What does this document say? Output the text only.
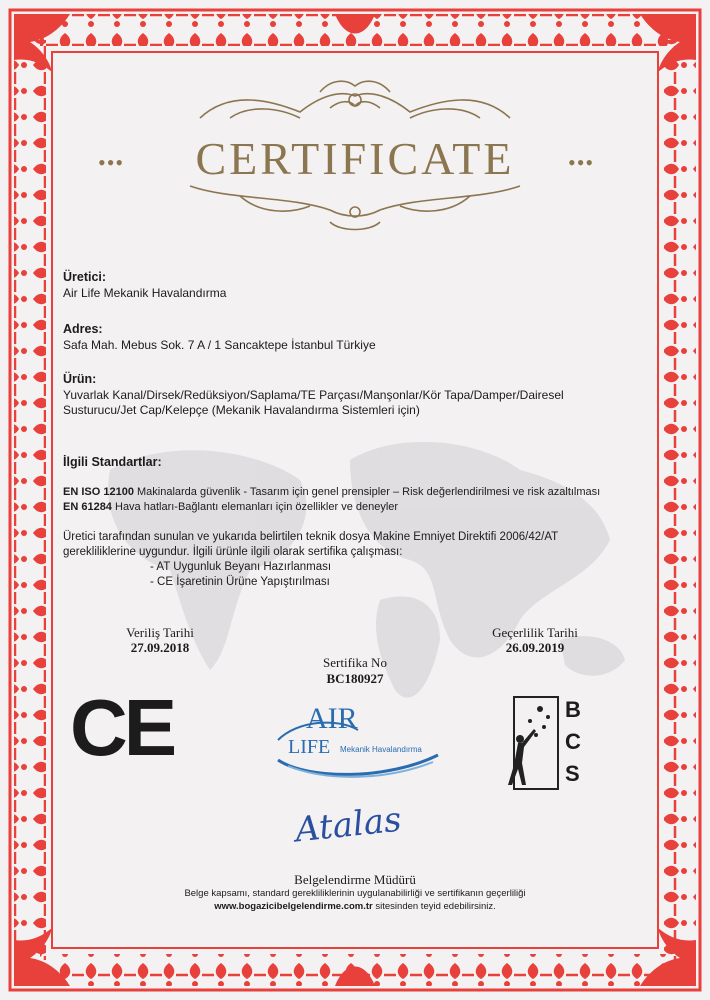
•••	•••
CERTIFICATE
Üretici:
Air Life Mekanik Havalandırma
Adres:
Safa Mah. Mebus Sok. 7 A / 1 Sancaktepe İstanbul Türkiye
Ürün:
Yuvarlak Kanal/Dirsek/Redüksiyon/Saplama/TE Parçası/Manşonlar/Kör Tapa/Damper/Dairesel
Susturucu/Jet Cap/Kelepçe (Mekanik Havalandırma Sistemleri için)
İlgili Standartlar:
EN ISO 12100 Makinalarda güvenlik - Tasarım için genel prensipler – Risk değerlendirilmesi ve risk azaltılması
EN 61284 Hava hatları-Bağlantı elemanları için özellikler ve deneyler
Üretici tarafından sunulan ve yukarıda belirtilen teknik dosya Makine Emniyet Direktifi 2006/42/AT
gerekliliklerine uygundur. İlgili ürünle ilgili olarak sertifika çalışması:
- AT Uygunluk Beyanı Hazırlanması
- CE İşaretinin Ürüne Yapıştırılması
Veriliş Tarihi
27.09.2018
Geçerlilik Tarihi
26.09.2019
Sertifika No
BC180927
CE	AIR
LIFE Mekanik Havalandırma
B
C
S
Atalas
Belgelendirme Müdürü
Belge kapsamı, standard gerekliliklerinin uygulanabilirliği ve sertifikanın geçerliliği
www.bogazicibelgelendirme.com.tr sitesinden teyid edebilirsiniz.
